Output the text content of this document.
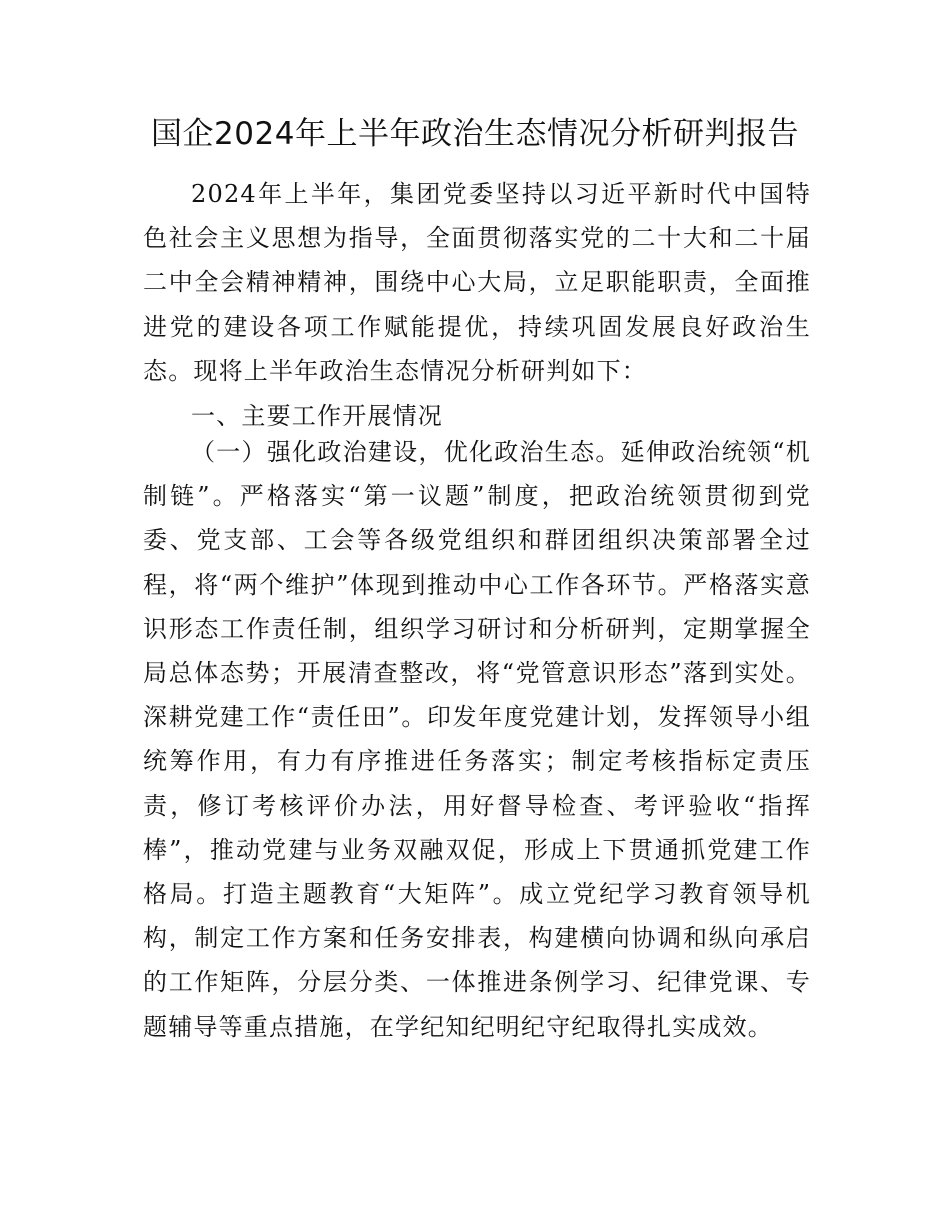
国企2024年上半年政治生态情况分析研判报告

2024年上半年，集团党委坚持以习近平新时代中国特色社会主义思想为指导，全面贯彻落实党的二十大和二十届二中全会精神精神，围绕中心大局，立足职能职责，全面推进党的建设各项工作赋能提优，持续巩固发展良好政治生态。现将上半年政治生态情况分析研判如下：

一、主要工作开展情况

（一）强化政治建设，优化政治生态。延伸政治统领“机制链”。严格落实“第一议题”制度，把政治统领贯彻到党委、党支部、工会等各级党组织和群团组织决策部署全过程，将“两个维护”体现到推动中心工作各环节。严格落实意识形态工作责任制，组织学习研讨和分析研判，定期掌握全局总体态势；开展清查整改，将“党管意识形态”落到实处。深耕党建工作“责任田”。印发年度党建计划，发挥领导小组统筹作用，有力有序推进任务落实；制定考核指标定责压责，修订考核评价办法，用好督导检查、考评验收“指挥棒”，推动党建与业务双融双促，形成上下贯通抓党建工作格局。打造主题教育“大矩阵”。成立党纪学习教育领导机构，制定工作方案和任务安排表，构建横向协调和纵向承启的工作矩阵，分层分类、一体推进条例学习、纪律党课、专题辅导等重点措施，在学纪知纪明纪守纪取得扎实成效。
